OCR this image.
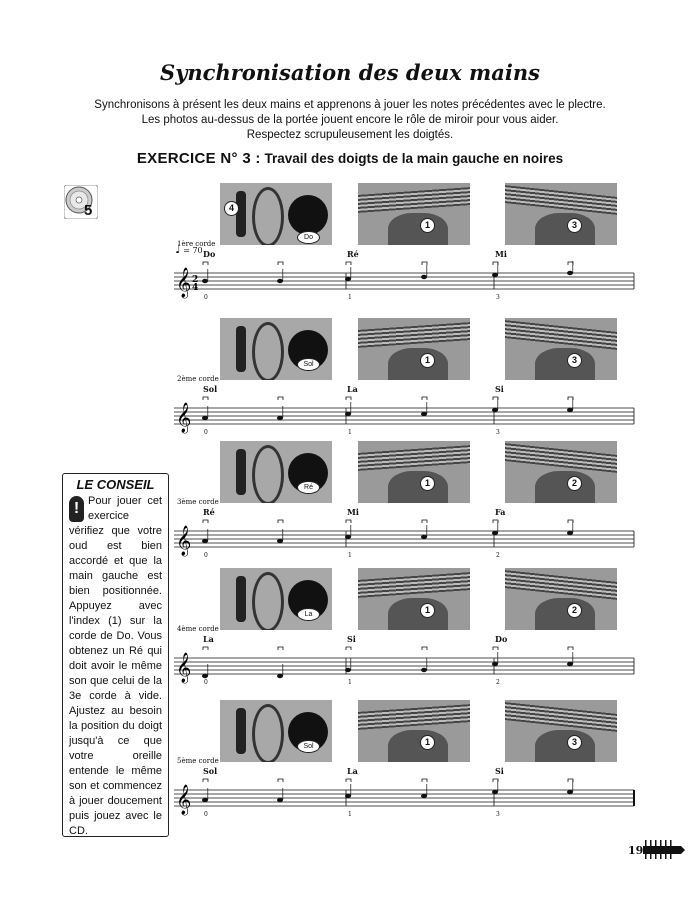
Synchronisation des deux mains
Synchronisons à présent les deux mains et apprenons à jouer les notes précédentes avec le plectre.
Les photos au-dessus de la portée jouent encore le rôle de miroir pour vous aider.
Respectez scrupuleusement les doigtés.
EXERCICE N° 3 : Travail des doigts de la main gauche en noires
5
♩ = 70
LE CONSEIL
! Pour jouer cet exercice vérifiez que votre oud est bien accordé et que la main gauche est bien positionnée. Appuyez avec l'index (1) sur la corde de Do. Vous obtenez un Ré qui doit avoir le même son que celui de la 3e corde à vide. Ajustez au besoin la position du doigt jusqu'à ce que votre oreille entende le même son et commencez à jouer doucement puis jouez avec le CD.
Do
4
1	3
𝄞 2
4
1ère corde
Do
0
Ré
1
Mi
3
Sol	1	3
𝄞
2ème corde
Sol
0
La
1
Si
3
Ré	1	2
𝄞
3ème corde
Ré
0
Mi
1
Fa
2
La	1	2
𝄞
4ème corde
La
0
Si
1
Do
2
Sol	1	3
𝄞
5ème corde
Sol
0
La
1
Si
3
19
